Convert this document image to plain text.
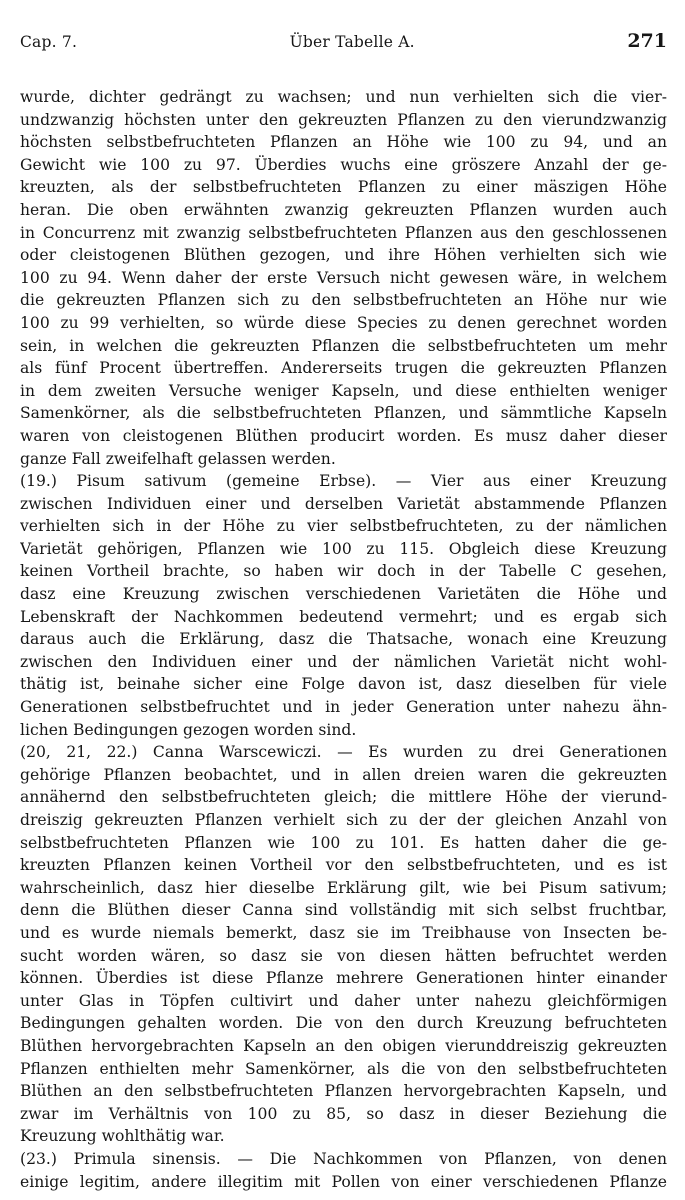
Cap. 7.	Über Tabelle A.	271
wurde, dichter gedrängt zu wachsen; und nun verhielten sich die vier-
undzwanzig höchsten unter den gekreuzten Pflanzen zu den vierundzwanzig
höchsten selbstbefruchteten Pflanzen an Höhe wie 100 zu 94, und an
Gewicht wie 100 zu 97. Überdies wuchs eine gröszere Anzahl der ge-
kreuzten, als der selbstbefruchteten Pflanzen zu einer mäszigen Höhe
heran. Die oben erwähnten zwanzig gekreuzten Pflanzen wurden auch
in Concurrenz mit zwanzig selbstbefruchteten Pflanzen aus den geschlossenen
oder cleistogenen Blüthen gezogen, und ihre Höhen verhielten sich wie
100 zu 94. Wenn daher der erste Versuch nicht gewesen wäre, in welchem
die gekreuzten Pflanzen sich zu den selbstbefruchteten an Höhe nur wie
100 zu 99 verhielten, so würde diese Species zu denen gerechnet worden
sein, in welchen die gekreuzten Pflanzen die selbstbefruchteten um mehr
als fünf Procent übertreffen. Andererseits trugen die gekreuzten Pflanzen
in dem zweiten Versuche weniger Kapseln, und diese enthielten weniger
Samenkörner, als die selbstbefruchteten Pflanzen, und sämmtliche Kapseln
waren von cleistogenen Blüthen producirt worden. Es musz daher dieser
ganze Fall zweifelhaft gelassen werden.
(19.) Pisum sativum (gemeine Erbse). — Vier aus einer Kreuzung
zwischen Individuen einer und derselben Varietät abstammende Pflanzen
verhielten sich in der Höhe zu vier selbstbefruchteten, zu der nämlichen
Varietät gehörigen, Pflanzen wie 100 zu 115. Obgleich diese Kreuzung
keinen Vortheil brachte, so haben wir doch in der Tabelle C gesehen,
dasz eine Kreuzung zwischen verschiedenen Varietäten die Höhe und
Lebenskraft der Nachkommen bedeutend vermehrt; und es ergab sich
daraus auch die Erklärung, dasz die Thatsache, wonach eine Kreuzung
zwischen den Individuen einer und der nämlichen Varietät nicht wohl-
thätig ist, beinahe sicher eine Folge davon ist, dasz dieselben für viele
Generationen selbstbefruchtet und in jeder Generation unter nahezu ähn-
lichen Bedingungen gezogen worden sind.
(20, 21, 22.) Canna Warscewiczi. — Es wurden zu drei Generationen
gehörige Pflanzen beobachtet, und in allen dreien waren die gekreuzten
annähernd den selbstbefruchteten gleich; die mittlere Höhe der vierund-
dreiszig gekreuzten Pflanzen verhielt sich zu der der gleichen Anzahl von
selbstbefruchteten Pflanzen wie 100 zu 101. Es hatten daher die ge-
kreuzten Pflanzen keinen Vortheil vor den selbstbefruchteten, und es ist
wahrscheinlich, dasz hier dieselbe Erklärung gilt, wie bei Pisum sativum;
denn die Blüthen dieser Canna sind vollständig mit sich selbst fruchtbar,
und es wurde niemals bemerkt, dasz sie im Treibhause von Insecten be-
sucht worden wären, so dasz sie von diesen hätten befruchtet werden
können. Überdies ist diese Pflanze mehrere Generationen hinter einander
unter Glas in Töpfen cultivirt und daher unter nahezu gleichförmigen
Bedingungen gehalten worden. Die von den durch Kreuzung befruchteten
Blüthen hervorgebrachten Kapseln an den obigen vierunddreiszig gekreuzten
Pflanzen enthielten mehr Samenkörner, als die von den selbstbefruchteten
Blüthen an den selbstbefruchteten Pflanzen hervorgebrachten Kapseln, und
zwar im Verhältnis von 100 zu 85, so dasz in dieser Beziehung die
Kreuzung wohlthätig war.
(23.) Primula sinensis. — Die Nachkommen von Pflanzen, von denen
einige legitim, andere illegitim mit Pollen von einer verschiedenen Pflanze
